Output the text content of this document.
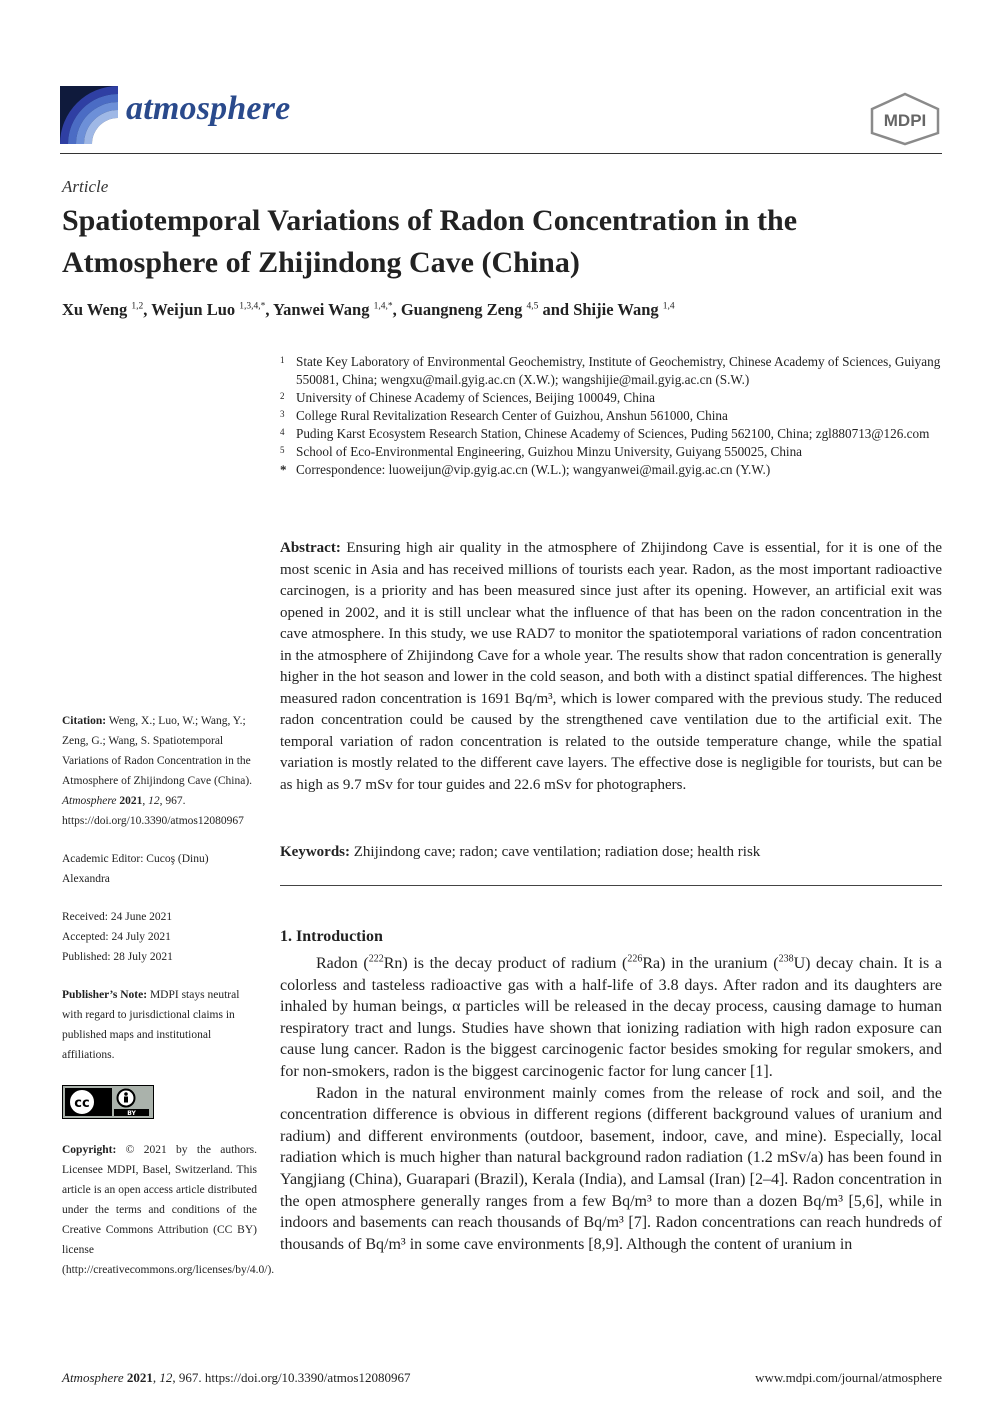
atmosphere	MDPI
Article
Spatiotemporal Variations of Radon Concentration in the Atmosphere of Zhijindong Cave (China)
Xu Weng $^{1,2}$, Weijun Luo $^{1,3,4,*}$, Yanwei Wang $^{1,4,*}$, Guangneng Zeng $^{4,5}$ and Shijie Wang $^{1,4}$
1 State Key Laboratory of Environmental Geochemistry, Institute of Geochemistry, Chinese Academy of Sciences, Guiyang 550081, China; wengxu@mail.gyig.ac.cn (X.W.); wangshijie@mail.gyig.ac.cn (S.W.)
2 University of Chinese Academy of Sciences, Beijing 100049, China
3 College Rural Revitalization Research Center of Guizhou, Anshun 561000, China
4 Puding Karst Ecosystem Research Station, Chinese Academy of Sciences, Puding 562100, China; zgl880713@126.com
5 School of Eco-Environmental Engineering, Guizhou Minzu University, Guiyang 550025, China
* Correspondence: luoweijun@vip.gyig.ac.cn (W.L.); wangyanwei@mail.gyig.ac.cn (Y.W.)
Abstract: Ensuring high air quality in the atmosphere of Zhijindong Cave is essential, for it is one of the most scenic in Asia and has received millions of tourists each year. Radon, as the most important radioactive carcinogen, is a priority and has been measured since just after its opening. However, an artificial exit was opened in 2002, and it is still unclear what the influence of that has been on the radon concentration in the cave atmosphere. In this study, we use RAD7 to monitor the spatiotemporal variations of radon concentration in the atmosphere of Zhijindong Cave for a whole year. The results show that radon concentration is generally higher in the hot season and lower in the cold season, and both with a distinct spatial differences. The highest measured radon concentration is 1691 Bq/m³, which is lower compared with the previous study. The reduced radon concentration could be caused by the strengthened cave ventilation due to the artificial exit. The temporal variation of radon concentration is related to the outside temperature change, while the spatial variation is mostly related to the different cave layers. The effective dose is negligible for tourists, but can be as high as 9.7 mSv for tour guides and 22.6 mSv for photographers.
Keywords: Zhijindong cave; radon; cave ventilation; radiation dose; health risk
Citation: Weng, X.; Luo, W.; Wang, Y.; Zeng, G.; Wang, S. Spatiotemporal Variations of Radon Concentration in the Atmosphere of Zhijindong Cave (China). Atmosphere 2021, 12, 967. https://doi.org/10.3390/atmos12080967
Academic Editor: Cucoş (Dinu) Alexandra
Received: 24 June 2021
Accepted: 24 July 2021
Published: 28 July 2021
Publisher’s Note: MDPI stays neutral with regard to jurisdictional claims in published maps and institutional affiliations.
cc
BY
Copyright: © 2021 by the authors. Licensee MDPI, Basel, Switzerland. This article is an open access article distributed under the terms and conditions of the Creative Commons Attribution (CC BY) license (http://creativecommons.org/licenses/by/4.0/).
1. Introduction

Radon ($^{222}$Rn) is the decay product of radium ($^{226}$Ra) in the uranium ($^{238}$U) decay chain. It is a colorless and tasteless radioactive gas with a half-life of 3.8 days. After radon and its daughters are inhaled by human beings, α particles will be released in the decay process, causing damage to human respiratory tract and lungs. Studies have shown that ionizing radiation with high radon exposure can cause lung cancer. Radon is the biggest carcinogenic factor besides smoking for regular smokers, and for non-smokers, radon is the biggest carcinogenic factor for lung cancer [1].

Radon in the natural environment mainly comes from the release of rock and soil, and the concentration difference is obvious in different regions (different background values of uranium and radium) and different environments (outdoor, basement, indoor, cave, and mine). Especially, local radiation which is much higher than natural background radon radiation (1.2 mSv/a) has been found in Yangjiang (China), Guarapari (Brazil), Kerala (India), and Lamsal (Iran) [2–4]. Radon concentration in the open atmosphere generally ranges from a few Bq/m³ to more than a dozen Bq/m³ [5,6], while in indoors and basements can reach thousands of Bq/m³ [7]. Radon concentrations can reach hundreds of thousands of Bq/m³ in some cave environments [8,9]. Although the content of uranium in

Atmosphere 2021, 12, 967. https://doi.org/10.3390/atmos12080967	www.mdpi.com/journal/atmosphere
